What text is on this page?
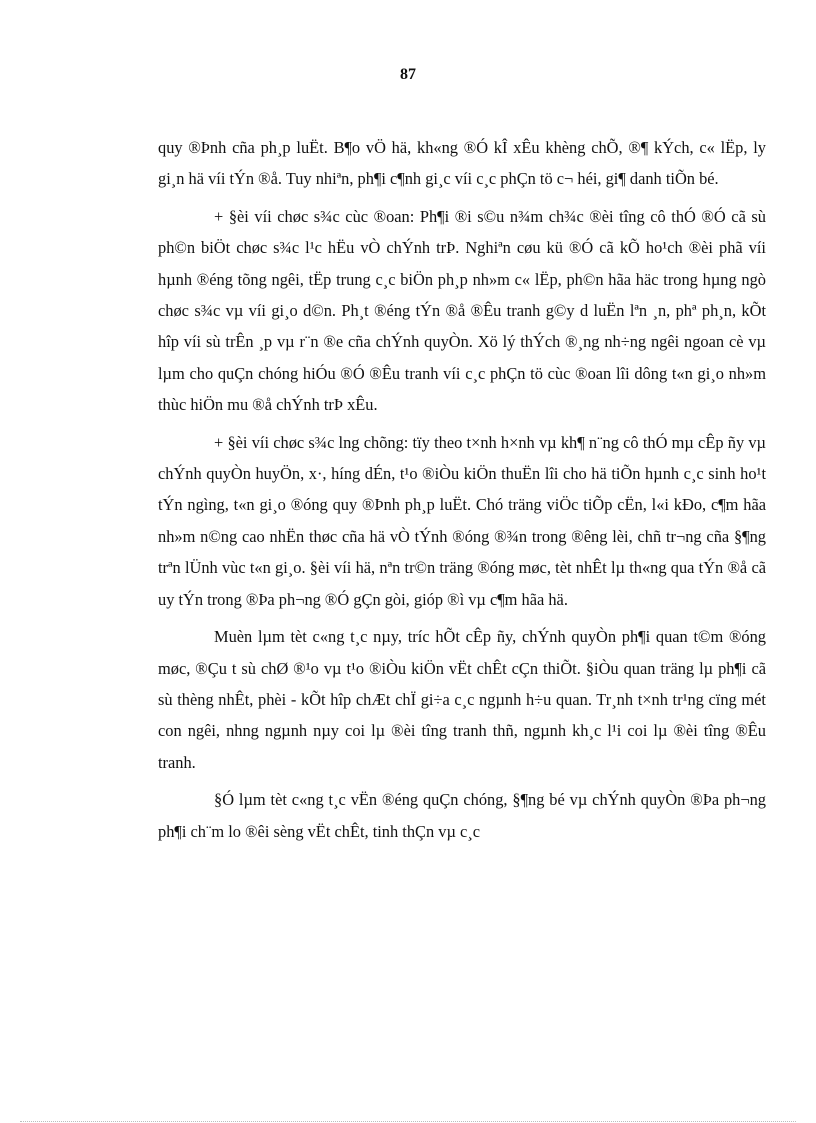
87

quy ®Þnh cña ph¸p luËt. B¶o vÖ hä, kh«ng ®Ó kÎ xÊu khèng chÕ, ®¶ kÝch, c« lËp, ly gi¸n hä víi tÝn ®å. Tuy nhiªn, ph¶i c¶nh gi¸c víi c¸c phÇn tö c¬ héi, gi¶ danh tiÕn bé.

+ §èi víi chøc s¾c cùc ®oan: Ph¶i ®i s©u n¾m ch¾c ®èi tîng cô thÓ ®Ó cã sù ph©n biÖt chøc s¾c l¹c hËu vÒ chÝnh trÞ. Nghiªn cøu kü ®Ó cã kÕ ho¹ch ®èi phã víi hµnh ®éng tõng ngêi, tËp trung c¸c biÖn ph¸p nh»m c« lËp, ph©n hãa häc trong hµng ngò chøc s¾c vµ víi gi¸o d©n. Ph¸t ®éng tÝn ®å ®Êu tranh g©y d luËn lªn ¸n, phª ph¸n, kÕt hîp víi sù trÊn ¸p vµ r¨n ®e cña chÝnh quyÒn. Xö lý thÝch ®¸ng nh÷ng ngêi ngoan cè vµ lµm cho quÇn chóng hiÓu ®Ó ®Êu tranh víi c¸c phÇn tö cùc ®oan lîi dông t«n gi¸o nh»m thùc hiÖn mu ®å chÝnh trÞ xÊu.

+ §èi víi chøc s¾c lng chõng: tïy theo t×nh h×nh vµ kh¶ n¨ng cô thÓ mµ cÊp ñy vµ chÝnh quyÒn huyÖn, x·, híng dÉn, t¹o ®iÒu kiÖn thuËn lîi cho hä tiÕn hµnh c¸c sinh ho¹t tÝn ngìng, t«n gi¸o ®óng quy ®Þnh ph¸p luËt. Chó träng viÖc tiÕp cËn, l«i kÐo, c¶m hãa nh»m n©ng cao nhËn thøc cña hä vÒ tÝnh ®óng ®¾n trong ®êng lèi, chñ tr¬ng cña §¶ng trªn lÜnh vùc t«n gi¸o. §èi víi hä, nªn tr©n träng ®óng møc, tèt nhÊt lµ th«ng qua tÝn ®å cã uy tÝn trong ®Þa ph¬ng ®Ó gÇn gòi, gióp ®ì vµ c¶m hãa hä.

Muèn lµm tèt c«ng t¸c nµy, tríc hÕt cÊp ñy, chÝnh quyÒn ph¶i quan t©m ®óng møc, ®Çu t sù chØ ®¹o vµ t¹o ®iÒu kiÖn vËt chÊt cÇn thiÕt. §iÒu quan träng lµ ph¶i cã sù thèng nhÊt, phèi - kÕt hîp chÆt chÏ gi÷a c¸c ngµnh h÷u quan. Tr¸nh t×nh tr¹ng cïng mét con ngêi, nhng ngµnh nµy coi lµ ®èi tîng tranh thñ, ngµnh kh¸c l¹i coi lµ ®èi tîng ®Êu tranh.

§Ó lµm tèt c«ng t¸c vËn ®éng quÇn chóng, §¶ng bé vµ chÝnh quyÒn ®Þa ph¬ng ph¶i ch¨m lo ®êi sèng vËt chÊt, tinh thÇn vµ c¸c
